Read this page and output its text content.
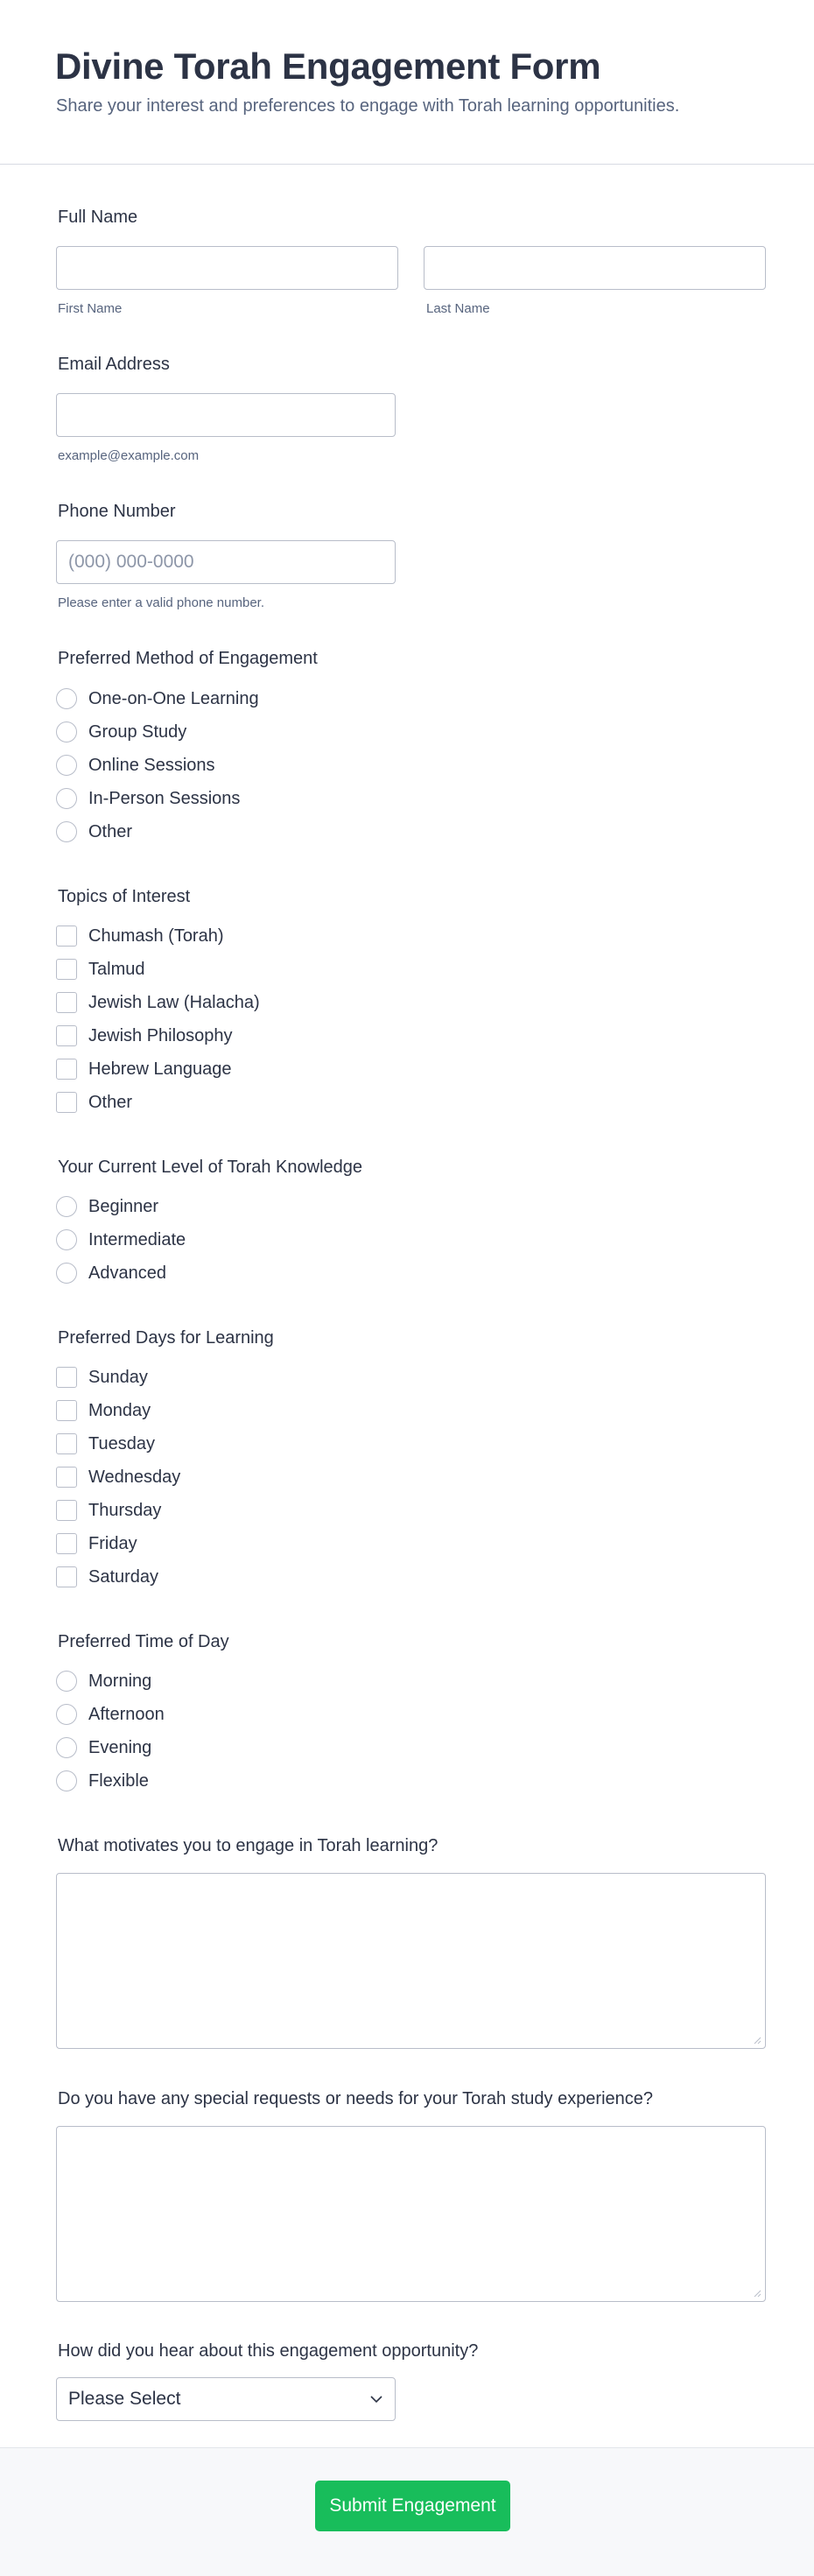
Divine Torah Engagement Form
Share your interest and preferences to engage with Torah learning opportunities.
Full Name
First Name	Last Name
Email Address
example@example.com
Phone Number
(000) 000-0000
Please enter a valid phone number.
Preferred Method of Engagement
One-on-One Learning
Group Study
Online Sessions
In-Person Sessions
Other
Topics of Interest
Chumash (Torah)
Talmud
Jewish Law (Halacha)
Jewish Philosophy
Hebrew Language
Other
Your Current Level of Torah Knowledge
Beginner
Intermediate
Advanced
Preferred Days for Learning
Sunday
Monday
Tuesday
Wednesday
Thursday
Friday
Saturday
Preferred Time of Day
Morning
Afternoon
Evening
Flexible
What motivates you to engage in Torah learning?
Do you have any special requests or needs for your Torah study experience?
How did you hear about this engagement opportunity?
Please Select
Submit Engagement
